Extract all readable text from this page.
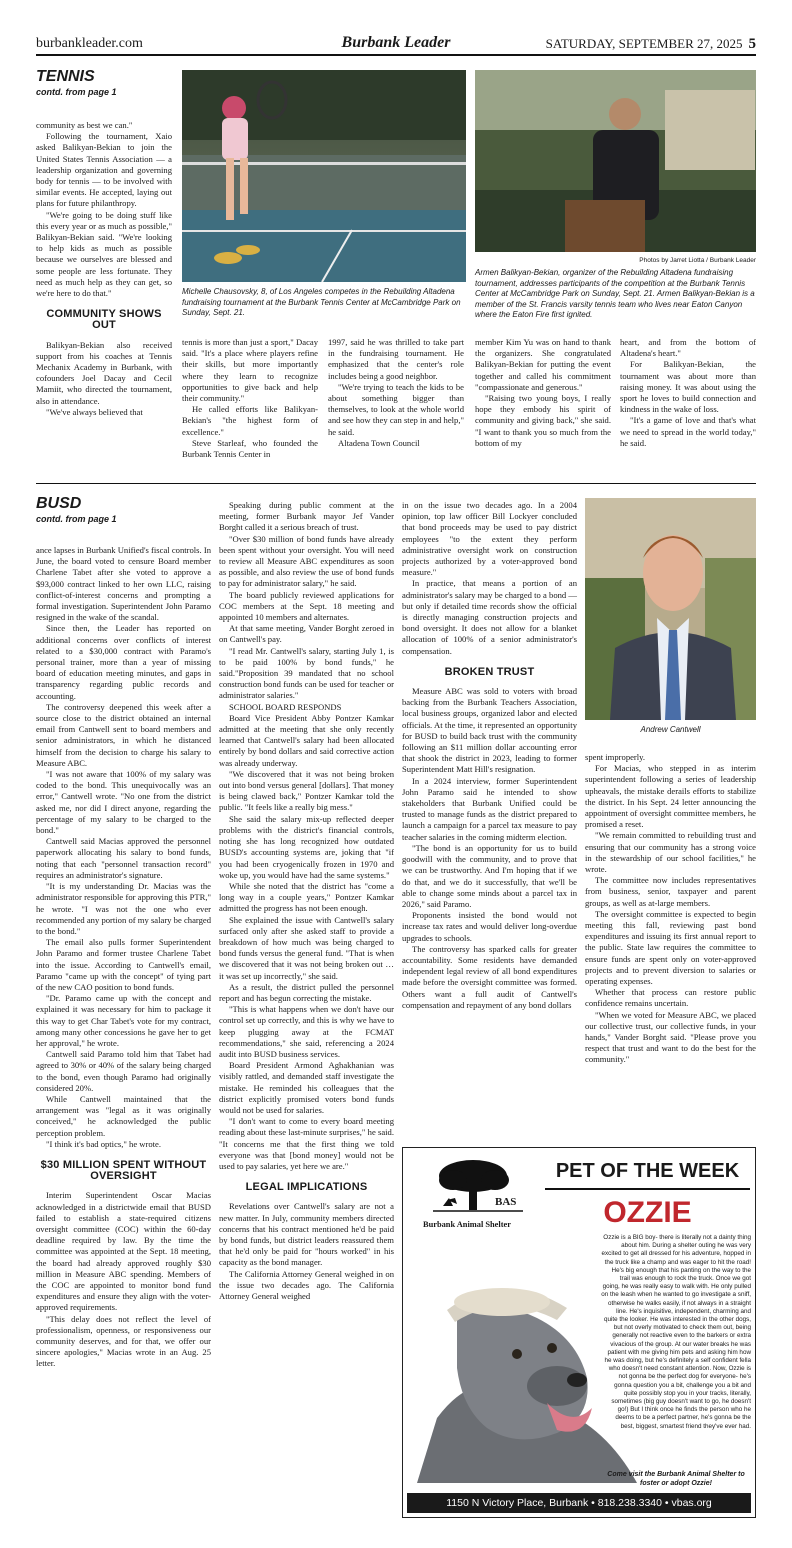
burbankleader.com	Burbank Leader	SATURDAY, SEPTEMBER 27, 2025 5
TENNIS
contd. from page 1

community as best we can."

Following the tournament, Xaio asked Balikyan-Bekian to join the United States Tennis Association — a leadership organization and governing body for tennis — to be involved with similar events. He accepted, laying out plans for future philanthropy.

"We're going to be doing stuff like this every year or as much as possible," Balikyan-Bekian said. "We're looking to help kids as much as possible because we ourselves are blessed and some people are less fortunate. They need as much help as they can get, so we're here to do that."

COMMUNITY SHOWS OUT

Balikyan-Bekian also received support from his coaches at Tennis Mechanix Academy in Burbank, with cofounders Joel Dacay and Cecil Mamiit, who directed the tournament, also in attendance.

"We've always believed that

Michelle Chausovsky, 8, of Los Angeles competes in the Rebuilding Altadena fundraising tournament at the Burbank Tennis Center at McCambridge Park on Sunday, Sept. 21.
Photos by Jarret Liotta / Burbank Leader
Armen Balikyan-Bekian, organizer of the Rebuilding Altadena fundraising tournament, addresses participants of the competition at the Burbank Tennis Center at McCambridge Park on Sunday, Sept. 21. Armen Balikyan-Bekian is a member of the St. Francis varsity tennis team who lives near Eaton Canyon where the Eaton Fire first ignited.

tennis is more than just a sport," Dacay said. "It's a place where players refine their skills, but more importantly where they learn to recognize opportunities to give back and help their community."

He called efforts like Balikyan-Bekian's "the highest form of excellence."

Steve Starleaf, who founded the Burbank Tennis Center in

1997, said he was thrilled to take part in the fundraising tournament. He emphasized that the center's role includes being a good neighbor.

"We're trying to teach the kids to be about something bigger than themselves, to look at the whole world and see how they can step in and help," he said.

Altadena Town Council

member Kim Yu was on hand to thank the organizers. She congratulated Balikyan-Bekian for putting the event together and called his commitment "compassionate and generous."

"Raising two young boys, I really hope they embody his spirit of community and giving back," she said. "I want to thank you so much from the bottom of my

heart, and from the bottom of Altadena's heart."

For Balikyan-Bekian, the tournament was about more than raising money. It was about using the sport he loves to build connection and kindness in the wake of loss.

"It's a game of love and that's what we need to spread in the world today," he said.

BUSD
contd. from page 1

ance lapses in Burbank Unified's fiscal controls. In June, the board voted to censure Board member Charlene Tabet after she voted to approve a $93,000 contract linked to her own LLC, raising conflict-of-interest concerns and prompting a formal investigation. Superintendent John Paramo resigned in the wake of the scandal.

Since then, the Leader has reported on additional concerns over conflicts of interest related to a $30,000 contract with Paramo's personal trainer, more than a year of missing board of education meeting minutes, and gaps in transparency regarding public records and accounting.

The controversy deepened this week after a source close to the district obtained an internal email from Cantwell sent to board members and senior administrators, in which he distanced himself from the decision to charge his salary to Measure ABC.

"I was not aware that 100% of my salary was coded to the bond. This unequivocally was an error," Cantwell wrote. "No one from the district asked me, nor did I direct anyone, regarding the percentage of my salary to be charged to the bond."

Cantwell said Macias approved the personnel paperwork allocating his salary to bond funds, noting that each "personnel transaction record" requires an administrator's signature.

"It is my understanding Dr. Macias was the administrator responsible for approving this PTR," he wrote. "I was not the one who ever recommended any portion of my salary be charged to the bond."

The email also pulls former Superintendent John Paramo and former trustee Charlene Tabet into the issue. According to Cantwell's email, Paramo "came up with the concept" of tying part of the new CAO position to bond funds.

"Dr. Paramo came up with the concept and explained it was necessary for him to package it this way to get Char Tabet's vote for my contract, among many other concessions he gave her to get her approval," he wrote.

Cantwell said Paramo told him that Tabet had agreed to 30% or 40% of the salary being charged to the bond, even though Paramo had originally considered 20%.

While Cantwell maintained that the arrangement was "legal as it was originally conceived," he acknowledged the public perception problem.

"I think it's bad optics," he wrote.

$30 MILLION SPENT WITHOUT OVERSIGHT

Interim Superintendent Oscar Macias acknowledged in a districtwide email that BUSD failed to establish a state-required citizens oversight committee (COC) within the 60-day deadline required by law. By the time the committee was appointed at the Sept. 18 meeting, the board had already approved roughly $30 million in Measure ABC spending. Members of the COC are appointed to monitor bond fund expenditures and ensure they align with the voter-approved requirements.

"This delay does not reflect the level of professionalism, openness, or responsiveness our community deserves, and for that, we offer our sincere apologies," Macias wrote in an Aug. 25 letter.

Speaking during public comment at the meeting, former Burbank mayor Jef Vander Borght called it a serious breach of trust.

"Over $30 million of bond funds have already been spent without your oversight. You will need to review all Measure ABC expenditures as soon as possible, and also review the use of bond funds to pay for administrator salary," he said.

The board publicly reviewed applications for COC members at the Sept. 18 meeting and appointed 10 members and alternates.

At that same meeting, Vander Borght zeroed in on Cantwell's pay.

"I read Mr. Cantwell's salary, starting July 1, is to be paid 100% by bond funds," he said."Proposition 39 mandated that no school construction bond funds can be used for teacher or administrator salaries."

SCHOOL BOARD RESPONDS

Board Vice President Abby Pontzer Kamkar admitted at the meeting that she only recently learned that Cantwell's salary had been allocated entirely by bond dollars and said corrective action was already underway.

"We discovered that it was not being broken out into bond versus general [dollars]. That money is being clawed back," Pontzer Kamkar told the public. "It feels like a really big mess."

She said the salary mix-up reflected deeper problems with the district's financial controls, noting she has long recognized how outdated BUSD's accounting systems are, joking that "if you had been cryogenically frozen in 1970 and woke up, you would have had the same systems."

While she noted that the district has "come a long way in a couple years," Pontzer Kamkar admitted the progress has not been enough.

She explained the issue with Cantwell's salary surfaced only after she asked staff to provide a breakdown of how much was being charged to bond funds versus the general fund. "That is when we discovered that it was not being broken out … it was set up incorrectly," she said.

As a result, the district pulled the personnel report and has begun correcting the mistake.

"This is what happens when we don't have our control set up correctly, and this is why we have to keep plugging away at the FCMAT recommendations," she said, referencing a 2024 audit into BUSD business services.

Board President Armond Aghakhanian was visibly rattled, and demanded staff investigate the mistake. He reminded his colleagues that the district explicitly promised voters bond funds would not be used for salaries.

"I don't want to come to every board meeting reading about these last-minute surprises," he said. "It concerns me that the first thing we told everyone was that [bond money] would not be used to pay salaries, yet here we are."

LEGAL IMPLICATIONS

Revelations over Cantwell's salary are not a new matter. In July, community members directed concerns that his contract mentioned he'd be paid by bond funds, but district leaders reassured them that he'd only be paid for "hours worked" in his capacity as the bond manager.

The California Attorney General weighed in on the issue two decades ago. The California Attorney General weighed

in on the issue two decades ago. In a 2004 opinion, top law officer Bill Lockyer concluded that bond proceeds may be used to pay district employees "to the extent they perform administrative oversight work on construction projects authorized by a voter-approved bond measure."

In practice, that means a portion of an administrator's salary may be charged to a bond — but only if detailed time records show the official is directly managing construction projects and bond oversight. It does not allow for a blanket allocation of 100% of a senior administrator's compensation.

BROKEN TRUST

Measure ABC was sold to voters with broad backing from the Burbank Teachers Association, local business groups, organized labor and elected officials. At the time, it represented an opportunity for BUSD to build back trust with the community following an $11 million dollar accounting error that shook the district in 2023, leading to former Superintendent Matt Hill's resignation.

In a 2024 interview, former Superintendent John Paramo said he intended to show stakeholders that Burbank Unified could be trusted to manage funds as the district prepared to launch a campaign for a parcel tax measure to pay teacher salaries in the coming midterm election.

"The bond is an opportunity for us to build goodwill with the community, and to prove that we can be trustworthy. And I'm hoping that if we do that, and we do it successfully, that we'll be able to change some minds about a parcel tax in 2026," said Paramo.

Proponents insisted the bond would not increase tax rates and would deliver long-overdue upgrades to schools.

The controversy has sparked calls for greater accountability. Some residents have demanded independent legal review of all bond expenditures made before the oversight committee was formed. Others want a full audit of Cantwell's compensation and repayment of any bond dollars

Andrew Cantwell

spent improperly.

For Macias, who stepped in as interim superintendent following a series of leadership upheavals, the mistake derails efforts to stabilize the district. In his Sept. 24 letter announcing the appointment of oversight committee members, he promised a reset.

"We remain committed to rebuilding trust and ensuring that our community has a strong voice in the stewardship of our school facilities," he wrote.

The committee now includes representatives from business, senior, taxpayer and parent groups, as well as at-large members.

The oversight committee is expected to begin meeting this fall, reviewing past bond expenditures and issuing its first annual report to the public. State law requires the committee to ensure funds are spent only on voter-approved projects and to prevent diversion to salaries or operating expenses.

Whether that process can restore public confidence remains uncertain.

"When we voted for Measure ABC, we placed our collective trust, our collective funds, in your hands," Vander Borght said. "Please prove you respect that trust and want to do the best for the community."

BAS
Burbank Animal Shelter
PET OF THE WEEK
OZZIE
Ozzie is a BIG boy- there is literally not a dainty thing about him. During a shelter outing he was very excited to get all dressed for his adventure, hopped in the truck like a champ and was eager to hit the road! He's big enough that his panting on the way to the trail was enough to rock the truck. Once we got going, he was really easy to walk with. He only pulled on the leash when he wanted to go investigate a sniff, otherwise he walks easily, if not always in a straight line. He's inquisitive, independent, charming and quite the looker. He was interested in the other dogs, but not overly motivated to check them out, being generally not reactive even to the barkers or extra vivacious of the group. At our water breaks he was patient with me giving him pets and asking him how he was doing, but he's definitely a self confident fella who doesn't need constant attention. Now, Ozzie is not gonna be the perfect dog for everyone- he's gonna question you a bit, challenge you a bit and quite possibly stop you in your tracks, literally, sometimes (big guy doesn't want to go, he doesn't go!) But I think once he finds the person who he deems to be a perfect partner, he's gonna be the best, biggest, smartest friend they've ever had.
Come visit the Burbank Animal Shelter to foster or adopt Ozzie!
1150 N Victory Place, Burbank • 818.238.3340 • vbas.org
